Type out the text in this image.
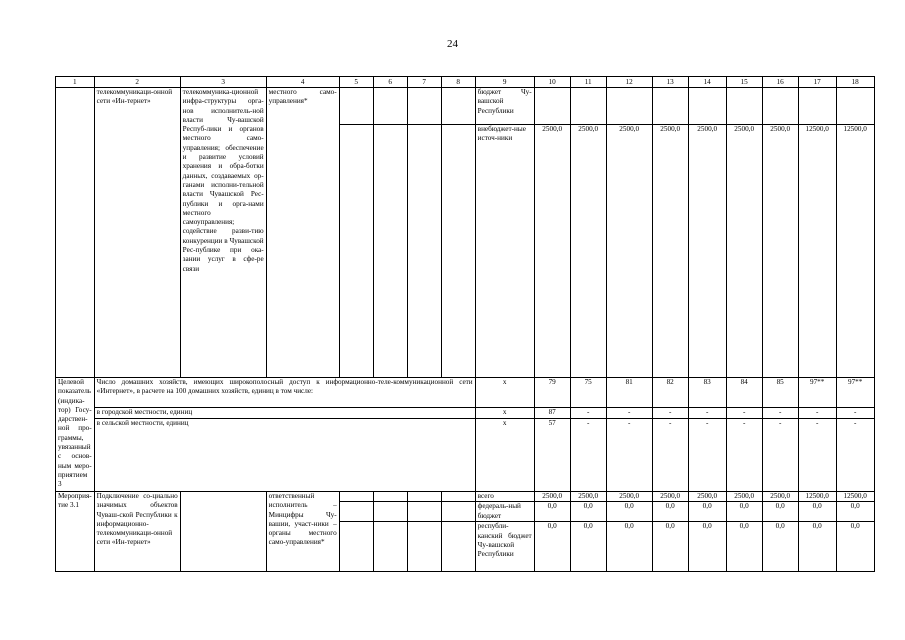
24
1	2	3	4	5	6	7	8	9	10	11	12	13	14	15	16	17	18
	телекоммуникаци-онной сети «Ин-тернет»	телекоммуника-ционной инфра-структуры орга-нов исполнитель-ной власти Чу-вашской Респуб-лики и органов местного само-управления; обеспечение и развитие условий хранения и обра-ботки данных, создаваемых ор-ганами исполни-тельной власти Чувашской Рес-публики и орга-нами местного самоуправления; содействие разви-тию конкуренции в Чувашской Рес-публике при ока-зании услуг в сфе-ре связи	местного само-управления*					бюджет Чу-вашской Республики									
								внебюджет-ные источ-ники	2500,0	2500,0	2500,0	2500,0	2500,0	2500,0	2500,0	12500,0	12500,0
Целевой показатель (индика-тор) Госу-дарствен-ной про-граммы, увязанный с основ-ным меро-приятием 3	Число домашних хозяйств, имеющих широкополосный доступ к информационно-теле-коммуникационной сети «Интернет», в расчете на 100 домашних хозяйств, единиц в том числе:							х	79	75	81	82	83	84	85	97**	97**
	в городской местности, единиц							х	87	-	-	-	-	-	-	-	-
	в сельской местности, единиц							х	57	-	-	-	-	-	-	-	-
Мероприя-тие 3.1	Подключение со-циально значимых объектов Чуваш-ской Республики к информационно-телекоммуникаци-онной сети «Ин-тернет»		ответственный исполнитель – Минцифры Чу-вашии, участ-ники – органы местного само-управления*					всего	2500,0	2500,0	2500,0	2500,0	2500,0	2500,0	2500,0	12500,0	12500,0
								федераль-ный бюджет	0,0	0,0	0,0	0,0	0,0	0,0	0,0	0,0	0,0
								республи-канский бюджет Чу-вашской Республики	0,0	0,0	0,0	0,0	0,0	0,0	0,0	0,0	0,0
